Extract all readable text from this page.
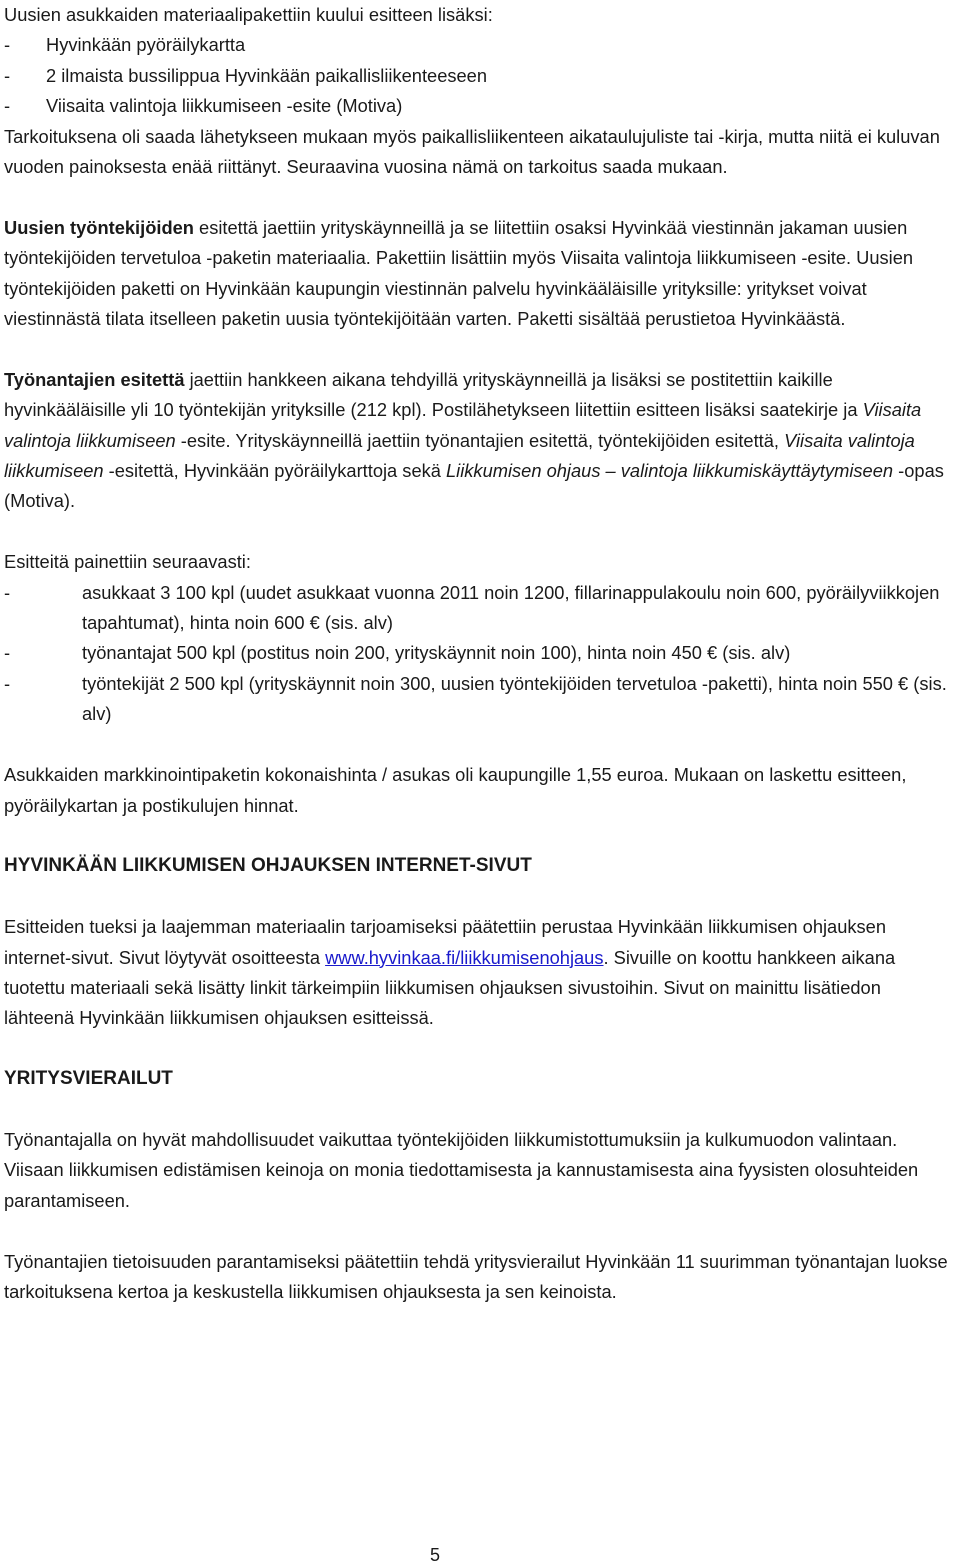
Uusien asukkaiden materiaalipakettiin kuului esitteen lisäksi:

-	Hyvinkään pyöräilykartta
-	2 ilmaista bussilippua Hyvinkään paikallisliikenteeseen
-	Viisaita valintoja liikkumiseen -esite (Motiva)

Tarkoituksena oli saada lähetykseen mukaan myös paikallisliikenteen aikataulujuliste tai -kirja, mutta niitä ei kuluvan vuoden painoksesta enää riittänyt. Seuraavina vuosina nämä on tarkoitus saada mukaan.

Uusien työntekijöiden esitettä jaettiin yrityskäynneillä ja se liitettiin osaksi Hyvinkää viestinnän jakaman uusien työntekijöiden tervetuloa -paketin materiaalia. Pakettiin lisättiin myös Viisaita valintoja liikkumiseen -esite. Uusien työntekijöiden paketti on Hyvinkään kaupungin viestinnän palvelu hyvinkääläisille yrityksille: yritykset voivat viestinnästä tilata itselleen paketin uusia työntekijöitään varten. Paketti sisältää perustietoa Hyvinkäästä.

Työnantajien esitettä jaettiin hankkeen aikana tehdyillä yrityskäynneillä ja lisäksi se postitettiin kaikille hyvinkääläisille yli 10 työntekijän yrityksille (212 kpl). Postilähetykseen liitettiin esitteen lisäksi saatekirje ja Viisaita valintoja liikkumiseen -esite. Yrityskäynneillä jaettiin työnantajien esitettä, työntekijöiden esitettä, Viisaita valintoja liikkumiseen -esitettä, Hyvinkään pyöräilykarttoja sekä Liikkumisen ohjaus – valintoja liikkumiskäyttäytymiseen -opas (Motiva).

Esitteitä painettiin seuraavasti:

-	asukkaat 3 100 kpl (uudet asukkaat vuonna 2011 noin 1200, fillarinappulakoulu noin 600, pyöräilyviikkojen tapahtumat), hinta noin 600 € (sis. alv)
-	työnantajat 500 kpl (postitus noin 200, yrityskäynnit noin 100), hinta noin 450 € (sis. alv)
-	työntekijät 2 500 kpl (yrityskäynnit noin 300, uusien työntekijöiden tervetuloa -paketti), hinta noin 550 € (sis. alv)

Asukkaiden markkinointipaketin kokonaishinta / asukas oli kaupungille 1,55 euroa. Mukaan on laskettu esitteen, pyöräilykartan ja postikulujen hinnat.

HYVINKÄÄN LIIKKUMISEN OHJAUKSEN INTERNET-SIVUT

Esitteiden tueksi ja laajemman materiaalin tarjoamiseksi päätettiin perustaa Hyvinkään liikkumisen ohjauksen internet-sivut. Sivut löytyvät osoitteesta www.hyvinkaa.fi/liikkumisenohjaus. Sivuille on koottu hankkeen aikana tuotettu materiaali sekä lisätty linkit tärkeimpiin liikkumisen ohjauksen sivustoihin. Sivut on mainittu lisätiedon lähteenä Hyvinkään liikkumisen ohjauksen esitteissä.

YRITYSVIERAILUT

Työnantajalla on hyvät mahdollisuudet vaikuttaa työntekijöiden liikkumistottumuksiin ja kulkumuodon valintaan. Viisaan liikkumisen edistämisen keinoja on monia tiedottamisesta ja kannustamisesta aina fyysisten olosuhteiden parantamiseen.

Työnantajien tietoisuuden parantamiseksi päätettiin tehdä yritysvierailut Hyvinkään 11 suurimman työnantajan luokse tarkoituksena kertoa ja keskustella liikkumisen ohjauksesta ja sen keinoista.

5
